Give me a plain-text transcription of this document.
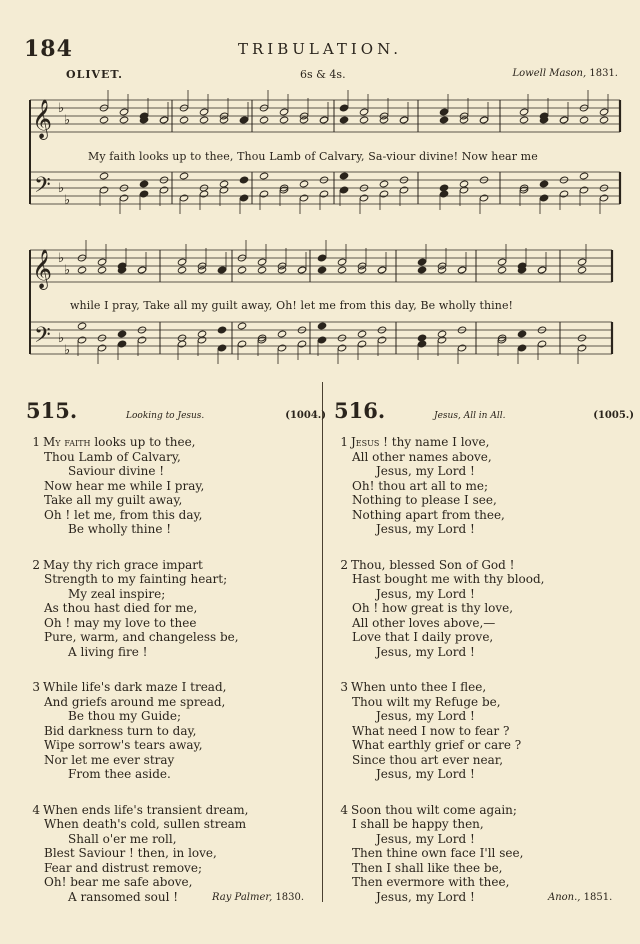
184	TRIBULATION.
OLIVET.	6s & 4s.	Lowell Mason, 1831.
𝄞
𝄢
♭
♭
♭
♭
𝄞
𝄢
♭
♭
♭
♭
My faith looks up to thee, Thou Lamb of Calvary, Sa-viour divine! Now hear me
while I pray, Take all my guilt away, Oh! let me from this day, Be wholly thine!
515.	Looking to Jesus.	(1004.)
1 My faith looks up to thee,
Thou Lamb of Calvary,
Saviour divine !
Now hear me while I pray,
Take all my guilt away,
Oh ! let me, from this day,
Be wholly thine !
2 May thy rich grace impart
Strength to my fainting heart;
My zeal inspire;
As thou hast died for me,
Oh ! may my love to thee
Pure, warm, and changeless be,
A living fire !
3 While life's dark maze I tread,
And griefs around me spread,
Be thou my Guide;
Bid darkness turn to day,
Wipe sorrow's tears away,
Nor let me ever stray
From thee aside.
4 When ends life's transient dream,
When death's cold, sullen stream
Shall o'er me roll,
Blest Saviour ! then, in love,
Fear and distrust remove;
Oh! bear me safe above,
A ransomed soul !
516.	Jesus, All in All.	(1005.)
1 Jesus ! thy name I love,
All other names above,
Jesus, my Lord !
Oh! thou art all to me;
Nothing to please I see,
Nothing apart from thee,
Jesus, my Lord !
2 Thou, blessed Son of God !
Hast bought me with thy blood,
Jesus, my Lord !
Oh ! how great is thy love,
All other loves above,—
Love that I daily prove,
Jesus, my Lord !
3 When unto thee I flee,
Thou wilt my Refuge be,
Jesus, my Lord !
What need I now to fear ?
What earthly grief or care ?
Since thou art ever near,
Jesus, my Lord !
4 Soon thou wilt come again;
I shall be happy then,
Jesus, my Lord !
Then thine own face I'll see,
Then I shall like thee be,
Then evermore with thee,
Jesus, my Lord !
Ray Palmer, 1830.	Anon., 1851.
